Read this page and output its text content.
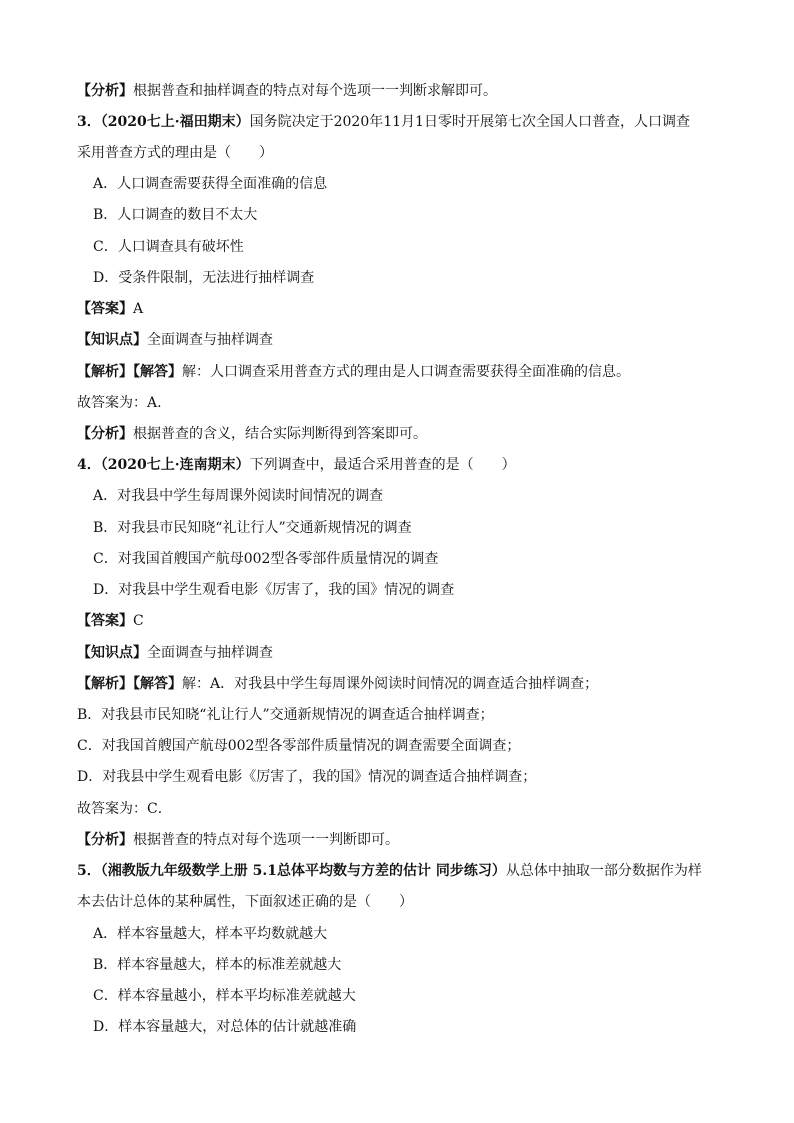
【分析】根据普查和抽样调查的特点对每个选项一一判断求解即可。
3．（2020七上·福田期末）国务院决定于2020年11月1日零时开展第七次全国人口普查，人口调查
采用普查方式的理由是（　　）
A．人口调查需要获得全面准确的信息
B．人口调查的数目不太大
C．人口调查具有破坏性
D．受条件限制，无法进行抽样调查
【答案】A
【知识点】全面调查与抽样调查
【解析】【解答】解：人口调查采用普查方式的理由是人口调查需要获得全面准确的信息。
故答案为：A.
【分析】根据普查的含义，结合实际判断得到答案即可。
4．（2020七上·连南期末）下列调查中，最适合采用普查的是（　　）
A．对我县中学生每周课外阅读时间情况的调查
B．对我县市民知晓“礼让行人”交通新规情况的调查
C．对我国首艘国产航母002型各零部件质量情况的调查
D．对我县中学生观看电影《厉害了，我的国》情况的调查
【答案】C
【知识点】全面调查与抽样调查
【解析】【解答】解：A．对我县中学生每周课外阅读时间情况的调查适合抽样调查；
B．对我县市民知晓“礼让行人”交通新规情况的调查适合抽样调查；
C．对我国首艘国产航母002型各零部件质量情况的调查需要全面调查；
D．对我县中学生观看电影《厉害了，我的国》情况的调查适合抽样调查；
故答案为：C．
【分析】根据普查的特点对每个选项一一判断即可。
5．（湘教版九年级数学上册 5.1总体平均数与方差的估计 同步练习）从总体中抽取一部分数据作为样
本去估计总体的某种属性，下面叙述正确的是（　　）
A．样本容量越大，样本平均数就越大
B．样本容量越大，样本的标准差就越大
C．样本容量越小，样本平均标准差就越大
D．样本容量越大，对总体的估计就越准确
